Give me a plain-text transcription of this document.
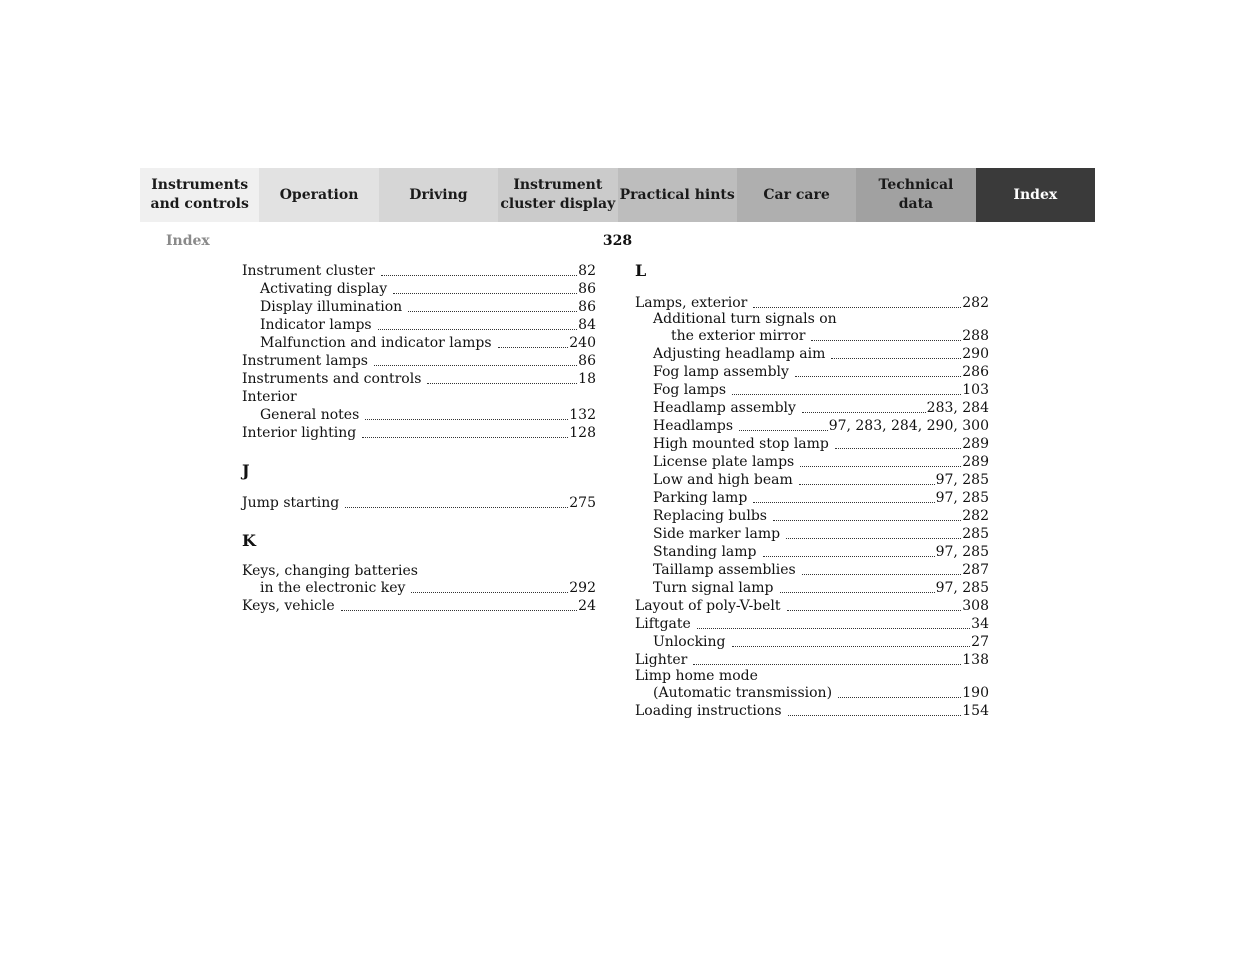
Instruments
and controls
Operation	Driving
Instrument
cluster display
Practical hints	Car care
Technical
data
Index
Index	328
Instrument cluster	82
Activating display	86
Display illumination	86
Indicator lamps	84
Malfunction and indicator lamps	240
Instrument lamps	86
Instruments and controls	18
Interior
General notes	132
Interior lighting	128
J
Jump starting	275
K
Keys, changing batteries
in the electronic key	292
Keys, vehicle	24
L
Lamps, exterior	282
Additional turn signals on
the exterior mirror	288
Adjusting headlamp aim	290
Fog lamp assembly	286
Fog lamps	103
Headlamp assembly	283, 284
Headlamps	97, 283, 284, 290, 300
High mounted stop lamp	289
License plate lamps	289
Low and high beam	97, 285
Parking lamp	97, 285
Replacing bulbs	282
Side marker lamp	285
Standing lamp	97, 285
Taillamp assemblies	287
Turn signal lamp	97, 285
Layout of poly-V-belt	308
Liftgate	34
Unlocking	27
Lighter	138
Limp home mode
(Automatic transmission)	190
Loading instructions	154
